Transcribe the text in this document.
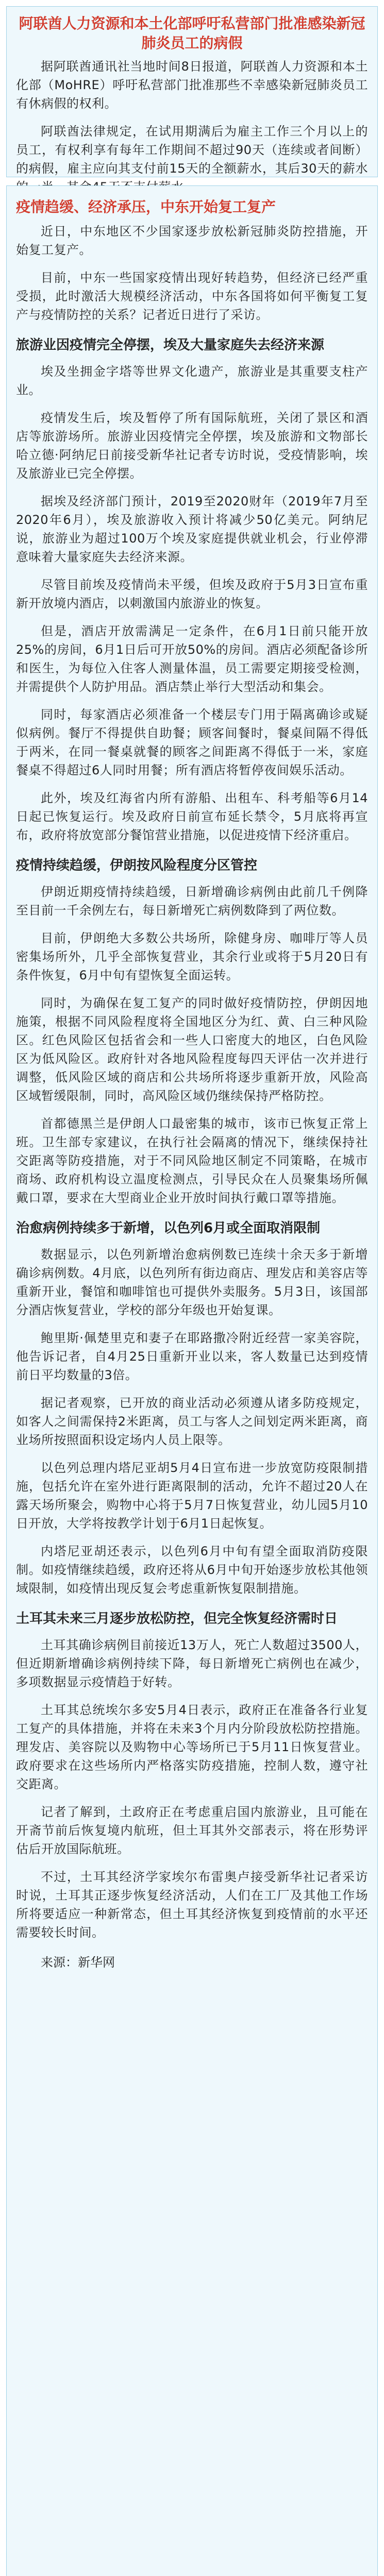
阿联酋人力资源和本土化部呼吁私营部门批准感染新冠肺炎员工的病假

据阿联酋通讯社当地时间8日报道，阿联酋人力资源和本土化部（MoHRE）呼吁私营部门批准那些不幸感染新冠肺炎员工有休病假的权利。

阿联酋法律规定，在试用期满后为雇主工作三个月以上的员工，有权利享有每年工作期间不超过90天（连续或者间断）的病假，雇主应向其支付前15天的全额薪水，其后30天的薪水

疫情趋缓、经济承压，中东开始复工复产

近日，中东地区不少国家逐步放松新冠肺炎防控措施，开始复工复产。

目前，中东一些国家疫情出现好转趋势，但经济已经严重受损，此时激活大规模经济活动，中东各国将如何平衡复工复产与疫情防控的关系？记者近日进行了采访。

旅游业因疫情完全停摆，埃及大量家庭失去经济来源

埃及坐拥金字塔等世界文化遗产，旅游业是其重要支柱产业。

疫情发生后，埃及暂停了所有国际航班，关闭了景区和酒店等旅游场所。旅游业因疫情完全停摆，埃及旅游和文物部长哈立德·阿纳尼日前接受新华社记者专访时说，受疫情影响，埃及旅游业已完全停摆。

据埃及经济部门预计，2019至2020财年（2019年7月至2020年6月），埃及旅游收入预计将减少50亿美元。阿纳尼说，旅游业为超过100万个埃及家庭提供就业机会，行业停滞意味着大量家庭失去经济来源。

尽管目前埃及疫情尚未平缓，但埃及政府于5月3日宣布重新开放境内酒店，以刺激国内旅游业的恢复。

但是，酒店开放需满足一定条件，在6月1日前只能开放25%的房间，6月1日后可开放50%的房间。酒店必须配备诊所和医生，为每位入住客人测量体温，员工需要定期接受检测，并需提供个人防护用品。酒店禁止举行大型活动和集会。

同时，每家酒店必须准备一个楼层专门用于隔离确诊或疑似病例。餐厅不得提供自助餐；顾客间餐时，餐桌间隔不得低于两米，在同一餐桌就餐的顾客之间距离不得低于一米，家庭餐桌不得超过6人同时用餐；所有酒店将暂停夜间娱乐活动。

此外，埃及红海省内所有游船、出租车、科考船等6月14日起已恢复运行。埃及政府日前宣布延长禁令，5月底将再宣布，政府将放宽部分餐馆营业措施，以促进疫情下经济重启。

疫情持续趋缓，伊朗按风险程度分区管控

伊朗近期疫情持续趋缓，日新增确诊病例由此前几千例降至目前一千余例左右，每日新增死亡病例数降到了两位数。

目前，伊朗绝大多数公共场所，除健身房、咖啡厅等人员密集场所外，几乎全部恢复营业，其余行业或将于5月20日有条件恢复，6月中旬有望恢复全面运转。

同时，为确保在复工复产的同时做好疫情防控，伊朗因地施策，根据不同风险程度将全国地区分为红、黄、白三种风险区。红色风险区包括省会和一些人口密度大的地区，白色风险区为低风险区。政府针对各地风险程度每四天评估一次并进行调整，低风险区域的商店和公共场所将逐步重新开放，风险高区域暂缓限制，同时，高风险区域仍继续保持严格防控。

首都德黑兰是伊朗人口最密集的城市，该市已恢复正常上班。卫生部专家建议，在执行社会隔离的情况下，继续保持社交距离等防疫措施，对于不同风险地区制定不同策略，在城市商场、政府机构设立温度检测点，引导民众在人员聚集场所佩戴口罩，要求在大型商业企业开放时间执行戴口罩等措施。

治愈病例持续多于新增，以色列6月或全面取消限制

数据显示，以色列新增治愈病例数已连续十余天多于新增确诊病例数。4月底，以色列所有街边商店、理发店和美容店等重新开业，餐馆和咖啡馆也可提供外卖服务。5月3日，该国部分酒店恢复营业，学校的部分年级也开始复课。

鲍里斯·佩楚里克和妻子在耶路撒冷附近经营一家美容院，他告诉记者，自4月25日重新开业以来，客人数量已达到疫情前日平均数量的3倍。

据记者观察，已开放的商业活动必须遵从诸多防疫规定，如客人之间需保持2米距离，员工与客人之间划定两米距离，商业场所按照面积设定场内人员上限等。

以色列总理内塔尼亚胡5月4日宣布进一步放宽防疫限制措施，包括允许在室外进行距离限制的活动，允许不超过20人在露天场所聚会，购物中心将于5月7日恢复营业，幼儿园5月10日开放，大学将按教学计划于6月1日起恢复。

内塔尼亚胡还表示，以色列6月中旬有望全面取消防疫限制。如疫情继续趋缓，政府还将从6月中旬开始逐步放松其他领域限制，如疫情出现反复会考虑重新恢复限制措施。

土耳其未来三月逐步放松防控，但完全恢复经济需时日

土耳其确诊病例目前接近13万人，死亡人数超过3500人，但近期新增确诊病例持续下降，每日新增死亡病例也在减少，多项数据显示疫情趋于好转。

土耳其总统埃尔多安5月4日表示，政府正在准备各行业复工复产的具体措施，并将在未来3个月内分阶段放松防控措施。理发店、美容院以及购物中心等场所已于5月11日恢复营业。政府要求在这些场所内严格落实防疫措施，控制人数，遵守社交距离。

记者了解到，土政府正在考虑重启国内旅游业，且可能在开斋节前后恢复境内航班，但土耳其外交部表示，将在形势评估后开放国际航班。

不过，土耳其经济学家埃尔布雷奥卢接受新华社记者采访时说，土耳其正逐步恢复经济活动，人们在工厂及其他工作场所将要适应一种新常态，但土耳其经济恢复到疫情前的水平还需要较长时间。

来源：新华网
